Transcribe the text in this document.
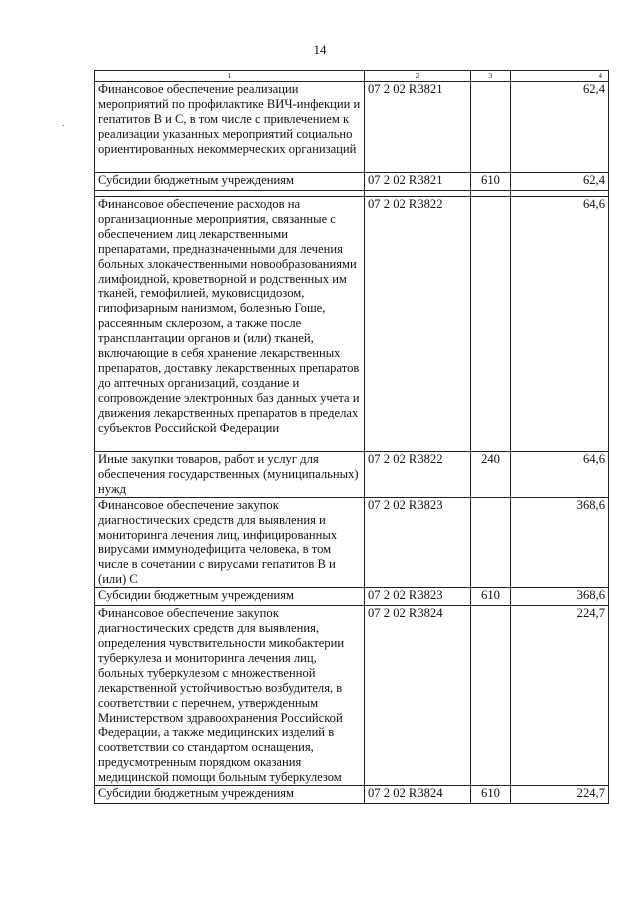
14
.
1	2	3	4
Финансовое обеспечение реализации мероприятий по профилактике ВИЧ-инфекции и гепатитов В и С, в том числе с привлечением к реализации указанных мероприятий социально ориентированных некоммерческих организаций	07 2 02 R3821		62,4
Субсидии бюджетным учреждениям	07 2 02 R3821	610	62,4

Финансовое обеспечение расходов на организационные мероприятия, связанные с обеспечением лиц лекарственными препаратами, предназначенными для лечения больных злокачественными новообразованиями лимфоидной, кроветворной и родственных им тканей, гемофилией, муковисцидозом, гипофизарным нанизмом, болезнью Гоше, рассеянным склерозом, а также после трансплантации органов и (или) тканей, включающие в себя хранение лекарственных препаратов, доставку лекарственных препаратов до аптечных организаций, создание и сопровождение электронных баз данных учета и движения лекарственных препаратов в пределах субъектов Российской Федерации	07 2 02 R3822		64,6
Иные закупки товаров, работ и услуг для обеспечения государственных (муниципальных) нужд	07 2 02 R3822	240	64,6
Финансовое обеспечение закупок диагностических средств для выявления и мониторинга лечения лиц, инфицированных вирусами иммунодефицита человека, в том числе в сочетании с вирусами гепатитов В и (или) С	07 2 02 R3823		368,6
Субсидии бюджетным учреждениям	07 2 02 R3823	610	368,6
Финансовое обеспечение закупок диагностических средств для выявления, определения чувствительности микобактерии туберкулеза и мониторинга лечения лиц, больных туберкулезом с множественной лекарственной устойчивостью возбудителя, в соответствии с перечнем, утвержденным Министерством здравоохранения Российской Федерации, а также медицинских изделий в соответствии со стандартом оснащения, предусмотренным порядком оказания медицинской помощи больным туберкулезом	07 2 02 R3824		224,7
Субсидии бюджетным учреждениям	07 2 02 R3824	610	224,7
